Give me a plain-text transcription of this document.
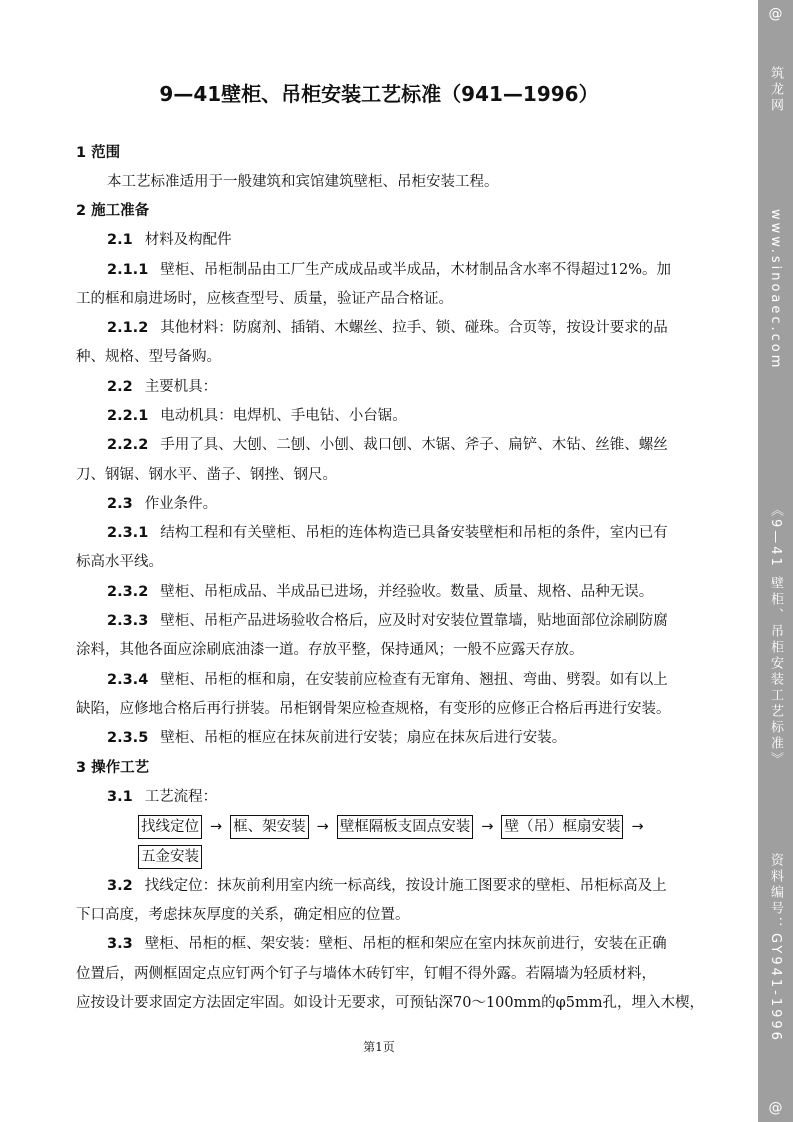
9—41壁柜、吊柜安装工艺标准（941—1996）
1 范围
本工艺标准适用于一般建筑和宾馆建筑壁柜、吊柜安装工程。
2 施工准备
2.1 材料及构配件
2.1.1 壁柜、吊柜制品由工厂生产成成品或半成品，木材制品含水率不得超过12%。加
工的框和扇进场时，应核查型号、质量，验证产品合格证。
2.1.2 其他材料：防腐剂、插销、木螺丝、拉手、锁、碰珠。合页等，按设计要求的品
种、规格、型号备购。
2.2 主要机具：
2.2.1 电动机具：电焊机、手电钻、小台锯。
2.2.2 手用了具、大刨、二刨、小刨、裁口刨、木锯、斧子、扁铲、木钻、丝锥、螺丝
刀、钢锯、钢水平、凿子、钢挫、钢尺。
2.3 作业条件。
2.3.1 结构工程和有关壁柜、吊柜的连体构造已具备安装壁柜和吊柜的条件，室内已有
标高水平线。
2.3.2 壁柜、吊柜成品、半成品已进场，并经验收。数量、质量、规格、品种无误。
2.3.3 壁柜、吊柜产品进场验收合格后，应及时对安装位置靠墙，贴地面部位涂刷防腐
涂料，其他各面应涂刷底油漆一道。存放平整，保持通风；一般不应露天存放。
2.3.4 壁柜、吊柜的框和扇，在安装前应检查有无窜角、翘扭、弯曲、劈裂。如有以上
缺陷，应修地合格后再行拼装。吊柜钢骨架应检查规格，有变形的应修正合格后再进行安装。
2.3.5 壁柜、吊柜的框应在抹灰前进行安装；扇应在抹灰后进行安装。
3 操作工艺
3.1 工艺流程：
找线定位 → 框、架安装 → 壁框隔板支固点安装 → 壁（吊）框扇安装 →
五金安装
3.2 找线定位：抹灰前利用室内统一标高线，按设计施工图要求的壁柜、吊柜标高及上
下口高度，考虑抹灰厚度的关系，确定相应的位置。
3.3 壁柜、吊柜的框、架安装：壁柜、吊柜的框和架应在室内抹灰前进行，安装在正确
位置后，两侧框固定点应钉两个钉子与墙体木砖钉牢，钉帽不得外露。若隔墙为轻质材料，
应按设计要求固定方法固定牢固。如设计无要求，可预钻深70～100mm的φ5mm孔，埋入木楔，
第1页
@
筑龙网
www.sinoaec.com
《9—41 壁柜、吊柜安装工艺标准》
资料编号：GY941-1996
@
